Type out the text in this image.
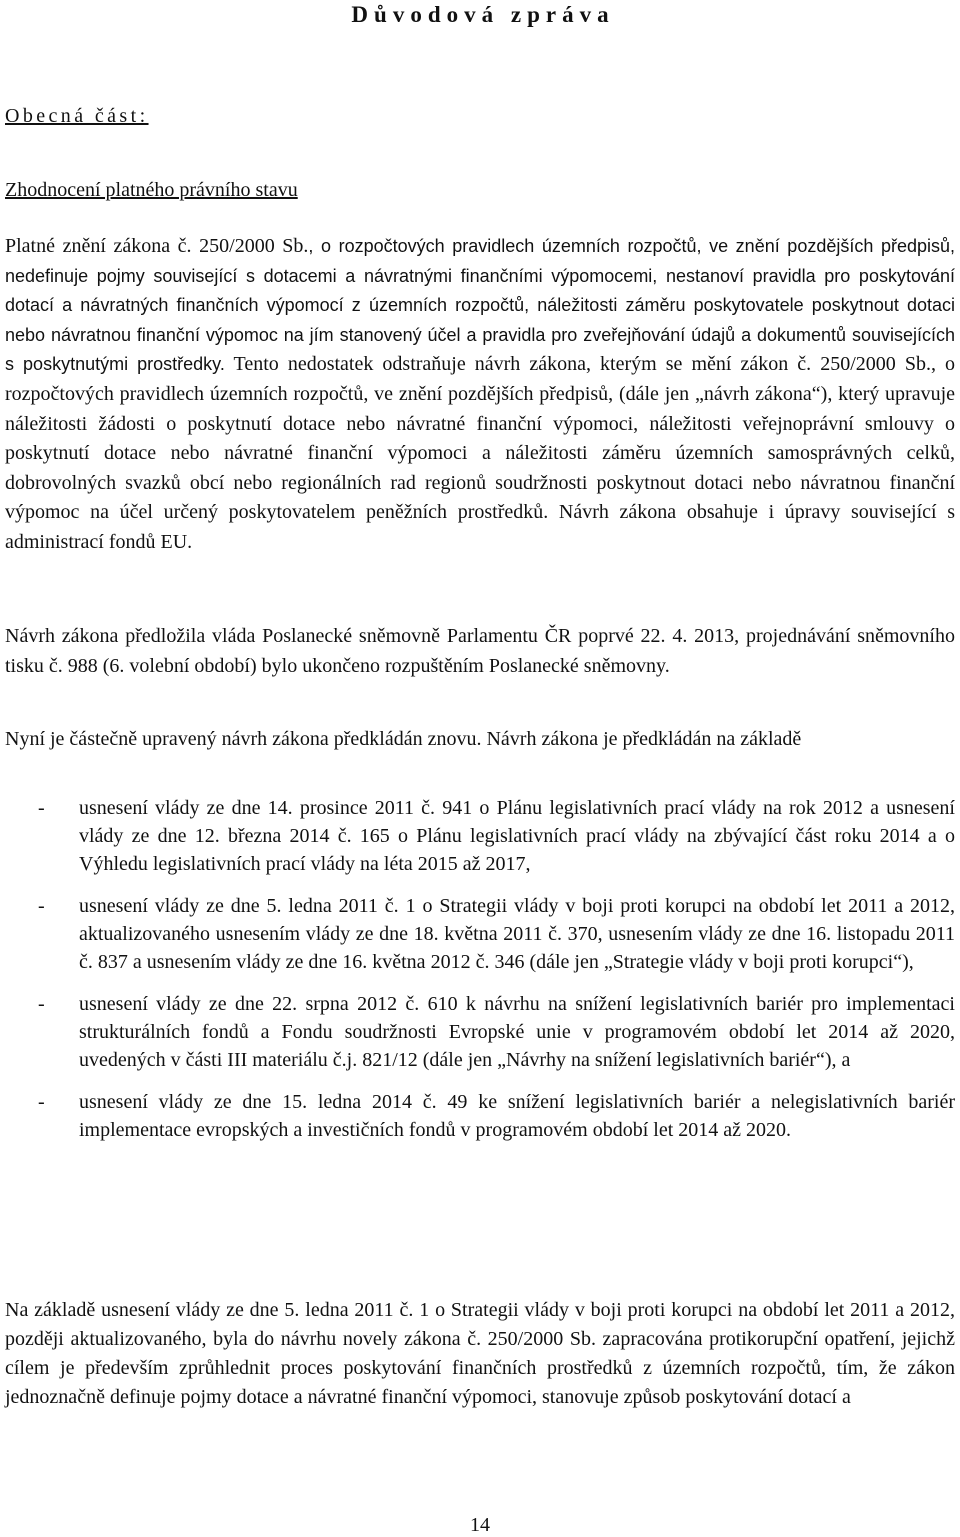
Důvodová zpráva
Obecná část:
Zhodnocení platného právního stavu

Platné znění zákona č. 250/2000 Sb., o rozpočtových pravidlech územních rozpočtů, ve znění pozdějších předpisů, nedefinuje pojmy související s dotacemi a návratnými finančními výpomocemi, nestanoví pravidla pro poskytování dotací a návratných finančních výpomocí z územních rozpočtů, náležitosti záměru poskytovatele poskytnout dotaci nebo návratnou finanční výpomoc na jím stanovený účel a pravidla pro zveřejňování údajů a dokumentů souvisejících s poskytnutými prostředky. Tento nedostatek odstraňuje návrh zákona, kterým se mění zákon č. 250/2000 Sb., o rozpočtových pravidlech územních rozpočtů, ve znění pozdějších předpisů, (dále jen „návrh zákona“), který upravuje náležitosti žádosti o poskytnutí dotace nebo návratné finanční výpomoci, náležitosti veřejnoprávní smlouvy o poskytnutí dotace nebo návratné finanční výpomoci a náležitosti záměru územních samosprávných celků, dobrovolných svazků obcí nebo regionálních rad regionů soudržnosti poskytnout dotaci nebo návratnou finanční výpomoc na účel určený poskytovatelem peněžních prostředků. Návrh zákona obsahuje i úpravy související s administrací fondů EU.

Návrh zákona předložila vláda Poslanecké sněmovně Parlamentu ČR poprvé 22. 4. 2013, projednávání sněmovního tisku č. 988 (6. volební období) bylo ukončeno rozpuštěním Poslanecké sněmovny.

Nyní je částečně upravený návrh zákona předkládán znovu. Návrh zákona je předkládán na základě

- usnesení vlády ze dne 14. prosince 2011 č. 941 o Plánu legislativních prací vlády na rok 2012 a usnesení vlády ze dne 12. března 2014 č. 165 o Plánu legislativních prací vlády na zbývající část roku 2014 a o Výhledu legislativních prací vlády na léta 2015 až 2017,
- usnesení vlády ze dne 5. ledna 2011 č. 1 o Strategii vlády v boji proti korupci na období let 2011 a 2012, aktualizovaného usnesením vlády ze dne 18. května 2011 č. 370, usnesením vlády ze dne 16. listopadu 2011 č. 837 a usnesením vlády ze dne 16. května 2012 č. 346 (dále jen „Strategie vlády v boji proti korupci“),
- usnesení vlády ze dne 22. srpna 2012 č. 610 k návrhu na snížení legislativních bariér pro implementaci strukturálních fondů a Fondu soudržnosti Evropské unie v programovém období let 2014 až 2020, uvedených v části III materiálu č.j. 821/12 (dále jen „Návrhy na snížení legislativních bariér“), a
- usnesení vlády ze dne 15. ledna 2014 č. 49 ke snížení legislativních bariér a nelegislativních bariér implementace evropských a investičních fondů v programovém období let 2014 až 2020.

Na základě usnesení vlády ze dne 5. ledna 2011 č. 1 o Strategii vlády v boji proti korupci na období let 2011 a 2012, později aktualizovaného, byla do návrhu novely zákona č. 250/2000 Sb. zapracována protikorupční opatření, jejichž cílem je především zprůhlednit proces poskytování finančních prostředků z územních rozpočtů, tím, že zákon jednoznačně definuje pojmy dotace a návratné finanční výpomoci, stanovuje způsob poskytování dotací a

14
